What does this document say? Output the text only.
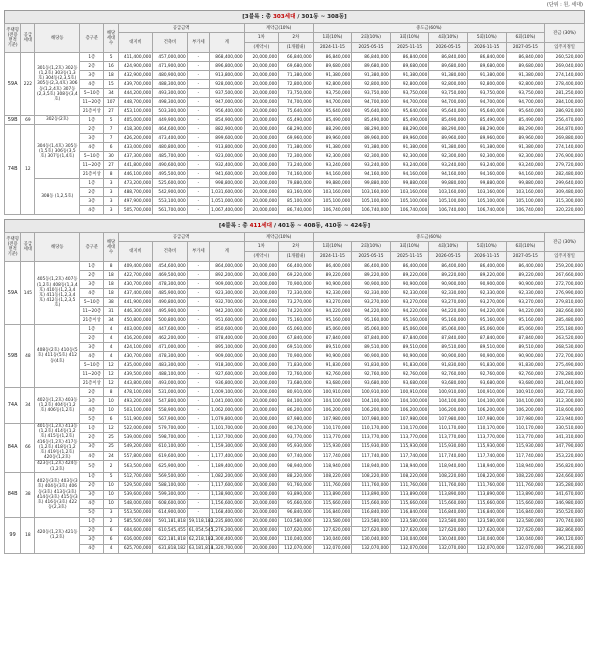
(단위 : 원, 세대)
[3블록 : 총 303세대 / 301동 ~ 308동]
주택형 (전용 면적 기준)	공급 세대	해당동	층구분	해당 세대수	공급금액				계약금(10%)		중도금(60%)						잔금 (30%)
					대지비	건축비	부가세	계	1차	2차	1회(10%)	2회(10%)	3회(10%)	4회(10%)	5회(10%)	6회(10%)	
									(계약시)	(1개월내)	2024-11-15	2025-05-15	2025-11-15	2026-05-15	2026-11-15	2027-05-15	입주지정일
59A	222	301동(1,2호) 302동(1,2호) 303동(1,3호) 304동(2,3,5호) 305동(2,3,4호) 306동(1,2,4호) 307동(2,3,5호) 308동(3,4호)	1층	5	411,400,000	457,000,000	-	868,400,000	20,000,000	66,840,000	86,840,000	86,840,000	86,840,000	86,840,000	86,840,000	86,840,000	260,520,000
			2층	16	424,900,000	471,900,000	-	896,800,000	20,000,000	69,680,000	89,680,000	89,680,000	89,680,000	89,680,000	89,680,000	89,680,000	269,040,000
			3층	18	432,900,000	480,900,000	-	913,800,000	20,000,000	71,380,000	91,380,000	91,380,000	91,380,000	91,380,000	91,380,000	91,380,000	274,140,000
			4층	15	439,700,000	488,300,000	-	928,000,000	20,000,000	72,800,000	92,800,000	92,800,000	92,800,000	92,800,000	92,800,000	92,800,000	278,400,000
			5~10층	34	444,200,000	493,300,000	-	937,500,000	20,000,000	73,750,000	93,750,000	93,750,000	93,750,000	93,750,000	93,750,000	93,750,000	281,250,000
			11~20층	107	448,700,000	498,300,000	-	947,000,000	20,000,000	74,700,000	94,700,000	94,700,000	94,700,000	94,700,000	94,700,000	94,700,000	284,100,000
			21층이상	27	453,100,000	503,300,000	-	956,400,000	20,000,000	75,640,000	95,640,000	95,640,000	95,640,000	95,640,000	95,640,000	95,640,000	286,920,000
59B	69	302동(2호)	1층	5	405,000,000	449,900,000	-	854,900,000	20,000,000	65,490,000	85,490,000	85,490,000	85,490,000	85,490,000	85,490,000	85,490,000	256,470,000
74B	12	304동(1,4호) 305동(1,5호) 306동(3,5호) 307동(1,4호)	2층	7	418,300,000	464,600,000	-	882,900,000	20,000,000	68,290,000	88,290,000	88,290,000	88,290,000	88,290,000	88,290,000	88,290,000	264,870,000
			3층	7	426,200,000	473,400,000	-	899,600,000	20,000,000	69,960,000	89,960,000	89,960,000	89,960,000	89,960,000	89,960,000	89,960,000	269,880,000
			4층	6	433,000,000	480,800,000	-	913,800,000	20,000,000	71,380,000	91,380,000	91,380,000	91,380,000	91,380,000	91,380,000	91,380,000	274,140,000
			5~10층	30	437,300,000	485,700,000	-	923,000,000	20,000,000	72,300,000	92,300,000	92,300,000	92,300,000	92,300,000	92,300,000	92,300,000	276,900,000
			11~20층	27	441,800,000	490,600,000	-	932,400,000	20,000,000	73,240,000	93,240,000	93,240,000	93,240,000	93,240,000	93,240,000	93,240,000	279,720,000
			21층이상	8	446,100,000	495,500,000	-	941,600,000	20,000,000	74,160,000	94,160,000	94,160,000	94,160,000	94,160,000	94,160,000	94,160,000	282,480,000
		308동 (1,2,5호)	1층	3	473,200,000	525,600,000	-	998,800,000	20,000,000	79,880,000	99,880,000	99,880,000	99,880,000	99,880,000	99,880,000	99,880,000	299,640,000
			2층	3	488,700,000	542,900,000	-	1,031,600,000	20,000,000	83,160,000	103,160,000	103,160,000	103,160,000	103,160,000	103,160,000	103,160,000	309,480,000
			3층	3	497,900,000	553,100,000	-	1,051,000,000	20,000,000	85,100,000	105,100,000	105,100,000	105,100,000	105,100,000	105,100,000	105,100,000	315,300,000
			4층	3	505,700,000	561,700,000	-	1,067,400,000	20,000,000	86,740,000	106,740,000	106,740,000	106,740,000	106,740,000	106,740,000	106,740,000	320,220,000
[4블록 : 총 411세대 / 401동 ~ 408동, 410동 ~ 424동]
주택형 (전용 면적 기준)	공급 세대	해당동	층구분	해당 세대수	공급금액				계약금(10%)		중도금(60%)						잔금 (30%)
					대지비	건축비	부가세	계	1차	2차	1회(10%)	2회(10%)	3회(10%)	4회(10%)	5회(10%)	6회(10%)	
									(계약시)	(1개월내)	2024-11-15	2025-05-15	2025-11-15	2026-05-15	2026-11-15	2027-05-15	입주지정일
59A	145	405동(1,2호) 407동(1,2호) 408동(1,3,4호) 410동(1,2,3,4호) 411동(1,2,3,4호) 412동(1,2,3,5호)	1층	8	409,400,000	454,600,000	-	864,000,000	20,000,000	66,400,000	86,400,000	86,400,000	86,400,000	86,400,000	86,400,000	86,400,000	259,200,000
			2층	18	422,700,000	469,500,000	-	892,200,000	20,000,000	69,220,000	89,220,000	89,220,000	89,220,000	89,220,000	89,220,000	89,220,000	267,660,000
			3층	18	430,700,000	478,300,000	-	909,000,000	20,000,000	70,900,000	90,900,000	90,900,000	90,900,000	90,900,000	90,900,000	90,900,000	272,700,000
			4층	18	437,400,000	485,900,000	-	923,300,000	20,000,000	72,330,000	92,330,000	92,330,000	92,330,000	92,330,000	92,330,000	92,330,000	276,990,000
			5~10층	38	441,900,000	490,800,000	-	932,700,000	20,000,000	73,270,000	93,270,000	93,270,000	93,270,000	93,270,000	93,270,000	93,270,000	279,810,000
			11~20층	31	446,300,000	495,900,000	-	942,200,000	20,000,000	74,220,000	94,220,000	94,220,000	94,220,000	94,220,000	94,220,000	94,220,000	282,660,000
			21층이상	34	450,800,000	500,800,000	-	951,600,000	20,000,000	75,160,000	95,160,000	95,160,000	95,160,000	95,160,000	95,160,000	95,160,000	285,480,000
59B	48	408동(2호) 410동(5호) 411동(5호) 412동(4호)	1층	4	403,000,000	447,600,000	-	850,600,000	20,000,000	65,060,000	85,060,000	85,060,000	85,060,000	85,060,000	85,060,000	85,060,000	255,180,000
			2층	4	416,200,000	462,200,000	-	878,400,000	20,000,000	67,840,000	87,840,000	87,840,000	87,840,000	87,840,000	87,840,000	87,840,000	263,520,000
			3층	4	424,100,000	471,000,000	-	895,100,000	20,000,000	69,510,000	89,510,000	89,510,000	89,510,000	89,510,000	89,510,000	89,510,000	268,530,000
			4층	4	430,700,000	478,300,000	-	909,000,000	20,000,000	70,900,000	90,900,000	90,900,000	90,900,000	90,900,000	90,900,000	90,900,000	272,700,000
			5~10층	12	435,000,000	483,300,000	-	918,300,000	20,000,000	71,830,000	91,830,000	91,830,000	91,830,000	91,830,000	91,830,000	91,830,000	275,490,000
			11~20층	12	439,500,000	488,100,000	-	927,600,000	20,000,000	72,760,000	92,760,000	92,760,000	92,760,000	92,760,000	92,760,000	92,760,000	278,280,000
			21층이상	12	443,800,000	493,000,000	-	936,800,000	20,000,000	73,680,000	93,680,000	93,680,000	93,680,000	93,680,000	93,680,000	93,680,000	281,040,000
74A	34	402동(1,2호) 403동(1,2호) 404동(1,2호) 406동(1,2호)	2층	8	478,100,000	531,000,000	-	1,009,100,000	20,000,000	80,910,000	100,910,000	100,910,000	100,910,000	100,910,000	100,910,000	100,910,000	302,730,000
			3층	10	493,200,000	547,800,000	-	1,041,000,000	20,000,000	84,100,000	104,100,000	104,100,000	104,100,000	104,100,000	104,100,000	104,100,000	312,300,000
			4층	10	503,100,000	558,900,000	-	1,062,000,000	20,000,000	86,200,000	106,200,000	106,200,000	106,200,000	106,200,000	106,200,000	106,200,000	318,600,000
			5층	6	511,900,000	567,900,000	-	1,079,800,000	20,000,000	87,980,000	107,980,000	107,980,000	107,980,000	107,980,000	107,980,000	107,980,000	323,940,000
84A	66	401동(1,2호) 413동(1,2호) 414동(1,2호) 415동(1,2호) 416동(1,2호) 417동(1,2호) 418동(1,2호) 419동(1,2호) 420동(1,2호)	1층	12	522,000,000	579,700,000	-	1,101,700,000	20,000,000	90,170,000	110,170,000	110,170,000	110,170,000	110,170,000	110,170,000	110,170,000	330,510,000
			2층	25	539,000,000	598,700,000	-	1,137,700,000	20,000,000	93,770,000	113,770,000	113,770,000	113,770,000	113,770,000	113,770,000	113,770,000	341,310,000
			3층	25	549,200,000	610,100,000	-	1,159,300,000	20,000,000	95,930,000	115,930,000	115,930,000	115,930,000	115,930,000	115,930,000	115,930,000	347,790,000
			4층	24	557,800,000	619,600,000	-	1,177,400,000	20,000,000	97,740,000	117,740,000	117,740,000	117,740,000	117,740,000	117,740,000	117,740,000	353,220,000
		423동(1,2호) 424동(1,2호)	5층	2	563,500,000	625,900,000	-	1,189,400,000	20,000,000	98,940,000	118,940,000	118,940,000	118,940,000	118,940,000	118,940,000	118,940,000	356,820,000
84B	38	402동(3호) 403동(3호) 404동(3호) 406동(3호) 413동(3호) 414동(3호) 415동(3호) 416동(3호) 422동(2,3호)	1층	5	512,700,000	569,500,000	-	1,082,200,000	20,000,000	88,220,000	108,220,000	108,220,000	108,220,000	108,220,000	108,220,000	108,220,000	324,660,000
			2층	10	529,500,000	588,100,000	-	1,117,600,000	20,000,000	91,760,000	111,760,000	111,760,000	111,760,000	111,760,000	111,760,000	111,760,000	335,280,000
			3층	10	539,600,000	599,300,000	-	1,138,900,000	20,000,000	93,890,000	113,890,000	113,890,000	113,890,000	113,890,000	113,890,000	113,890,000	341,670,000
			4층	10	548,000,000	608,600,000	-	1,156,600,000	20,000,000	95,660,000	115,660,000	115,660,000	115,660,000	115,660,000	115,660,000	115,660,000	346,980,000
			5층	3	553,500,000	614,900,000	-	1,168,400,000	20,000,000	96,840,000	116,840,000	116,840,000	116,840,000	116,840,000	116,840,000	116,840,000	350,520,000
99	18	420동(1,2호) 421동(1,2호)	1층	2	585,500,000	591,181,818	59,118,182	1,235,800,000	20,000,000	103,580,000	123,580,000	123,580,000	123,580,000	123,580,000	123,580,000	123,580,000	370,740,000
			2층	6	604,600,000	610,545,455	61,054,545	1,276,200,000	20,000,000	107,620,000	127,620,000	127,620,000	127,620,000	127,620,000	127,620,000	127,620,000	382,860,000
			3층	6	616,000,000	622,181,818	62,218,182	1,300,400,000	20,000,000	110,040,000	130,040,000	130,040,000	130,040,000	130,040,000	130,040,000	130,040,000	390,120,000
			4층	4	625,700,000	631,818,182	63,181,818	1,320,700,000	20,000,000	112,070,000	132,070,000	132,070,000	132,070,000	132,070,000	132,070,000	132,070,000	396,210,000
